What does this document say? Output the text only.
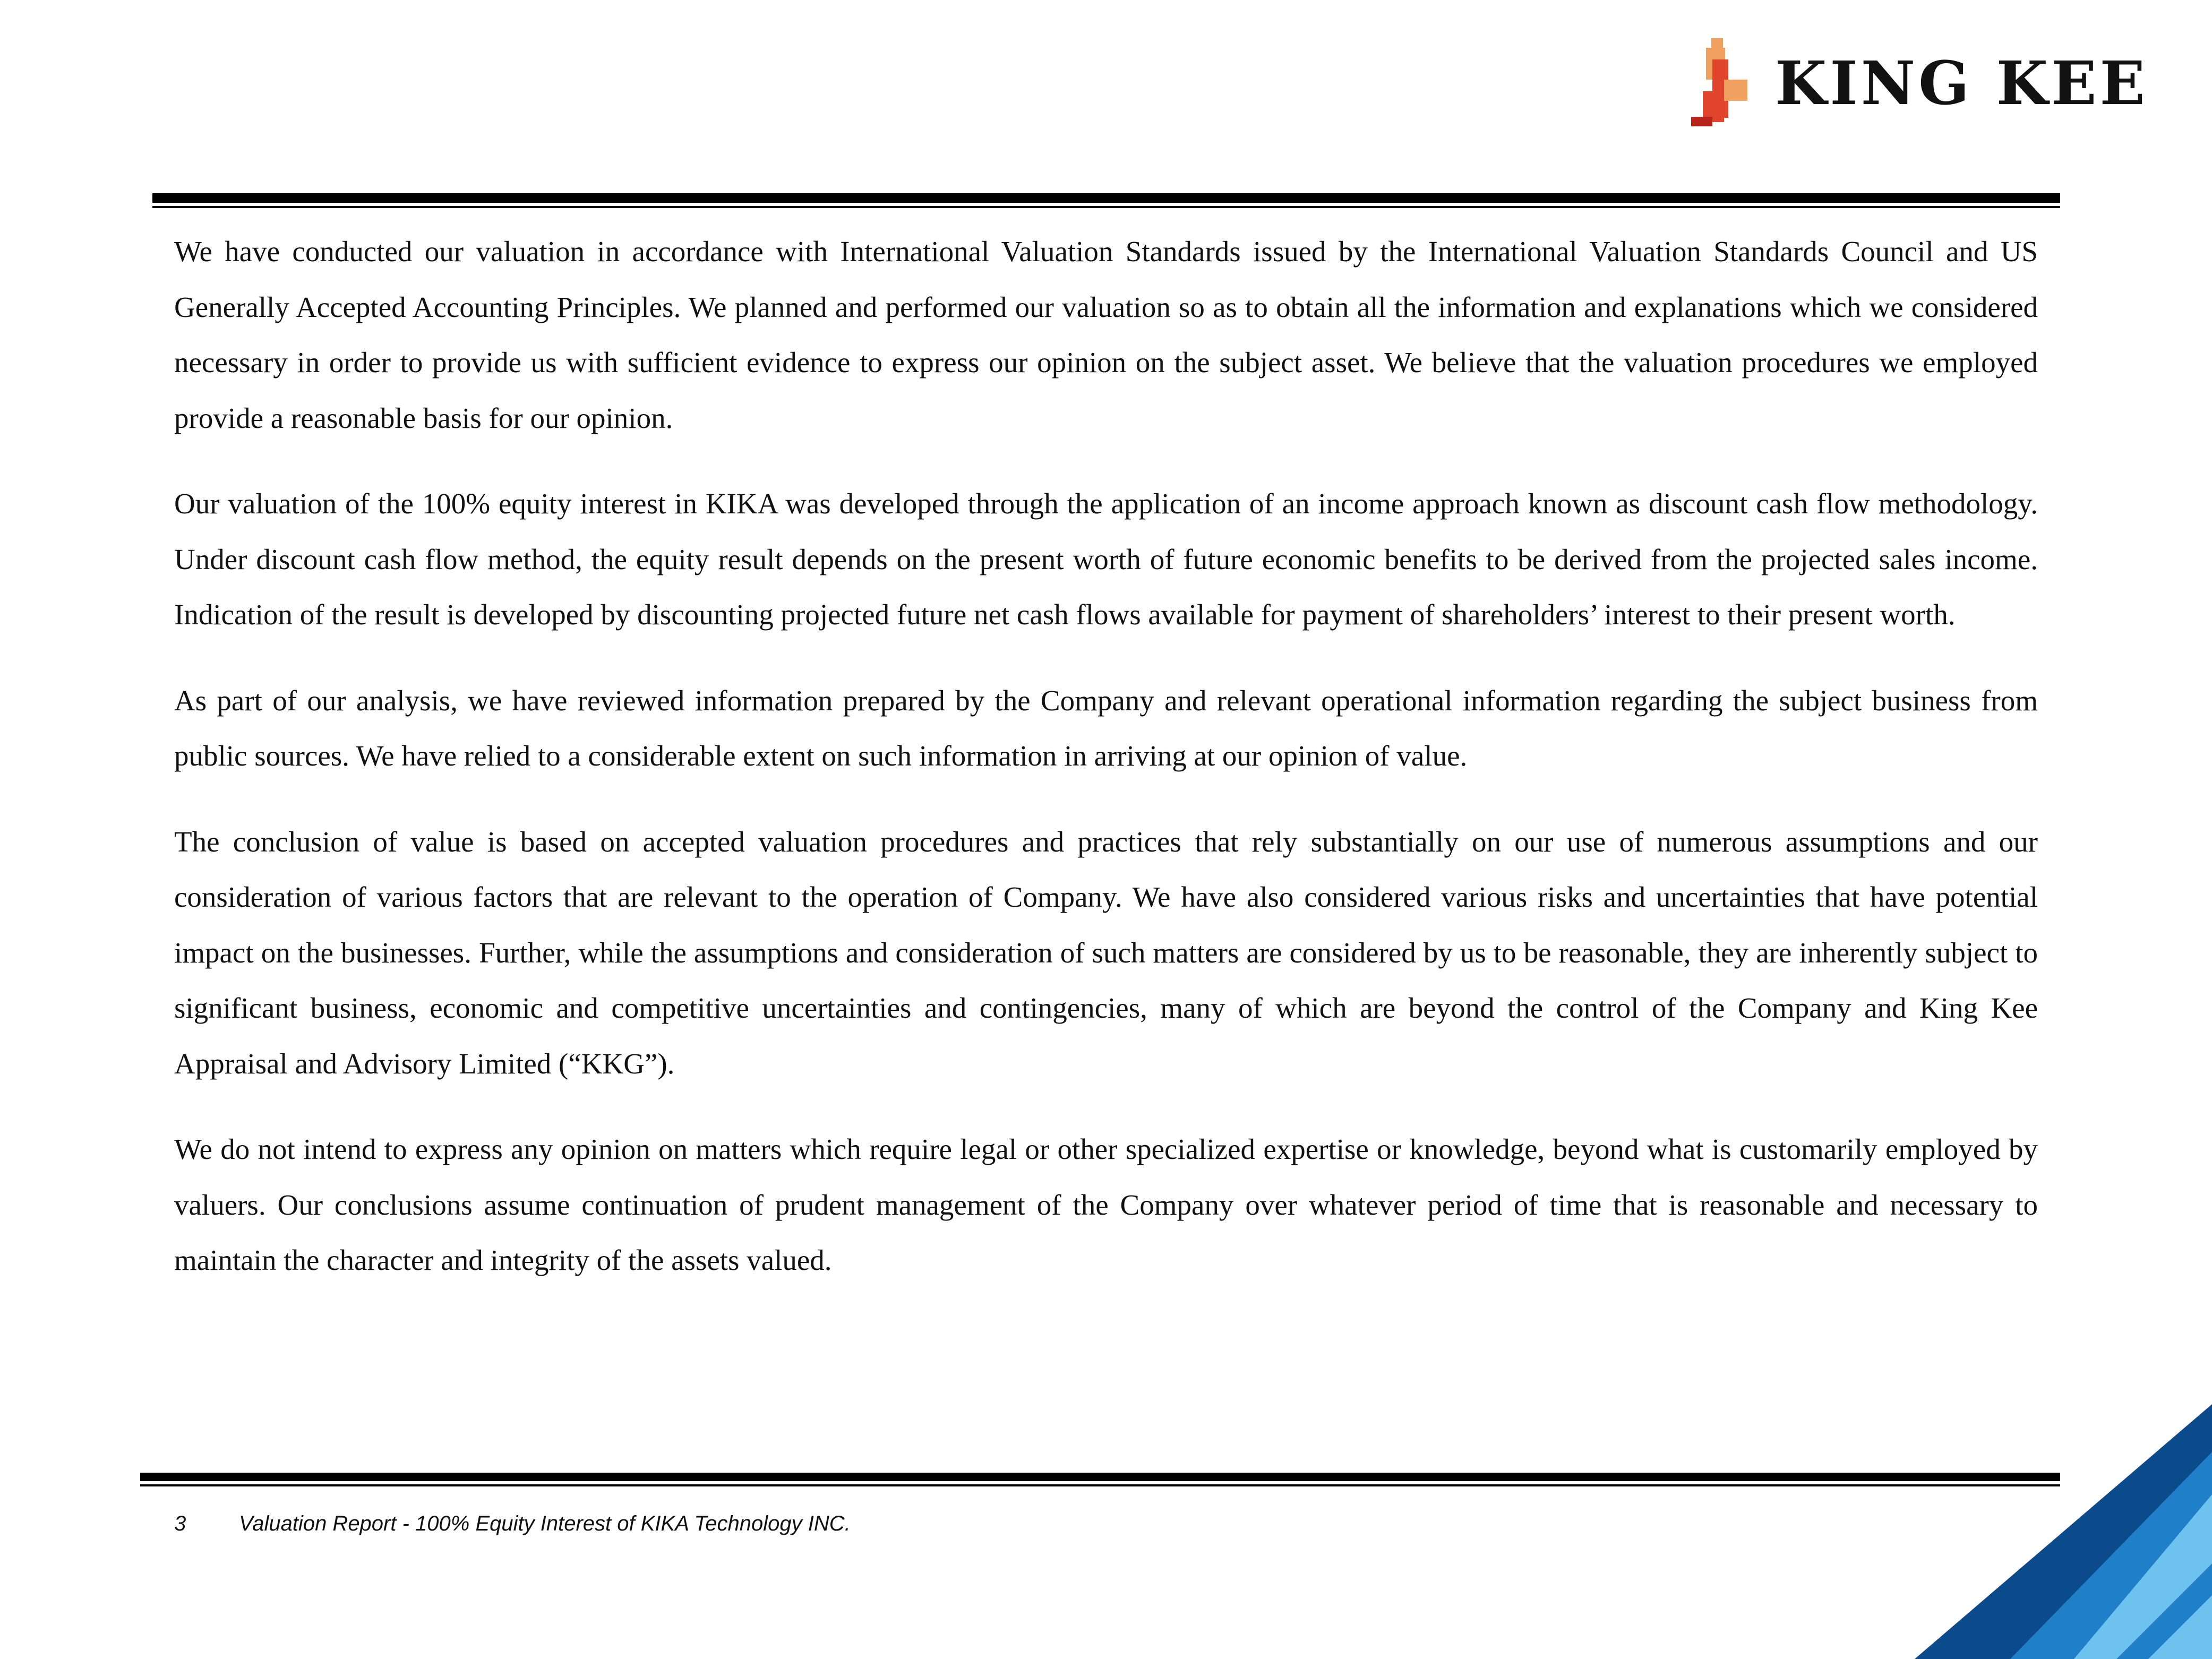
KING KEE

We have conducted our valuation in accordance with International Valuation Standards issued by the International Valuation Standards Council and US Generally Accepted Accounting Principles. We planned and performed our valuation so as to obtain all the information and explanations which we considered necessary in order to provide us with sufficient evidence to express our opinion on the subject asset. We believe that the valuation procedures we employed provide a reasonable basis for our opinion.

Our valuation of the 100% equity interest in KIKA was developed through the application of an income approach known as discount cash flow methodology. Under discount cash flow method, the equity result depends on the present worth of future economic benefits to be derived from the projected sales income. Indication of the result is developed by discounting projected future net cash flows available for payment of shareholders’ interest to their present worth.

As part of our analysis, we have reviewed information prepared by the Company and relevant operational information regarding the subject business from public sources. We have relied to a considerable extent on such information in arriving at our opinion of value.

The conclusion of value is based on accepted valuation procedures and practices that rely substantially on our use of numerous assumptions and our consideration of various factors that are relevant to the operation of Company. We have also considered various risks and uncertainties that have potential impact on the businesses. Further, while the assumptions and consideration of such matters are considered by us to be reasonable, they are inherently subject to significant business, economic and competitive uncertainties and contingencies, many of which are beyond the control of the Company and King Kee Appraisal and Advisory Limited (“KKG”).

We do not intend to express any opinion on matters which require legal or other specialized expertise or knowledge, beyond what is customarily employed by valuers. Our conclusions assume continuation of prudent management of the Company over whatever period of time that is reasonable and necessary to maintain the character and integrity of the assets valued.

3 Valuation Report - 100% Equity Interest of KIKA Technology INC.
